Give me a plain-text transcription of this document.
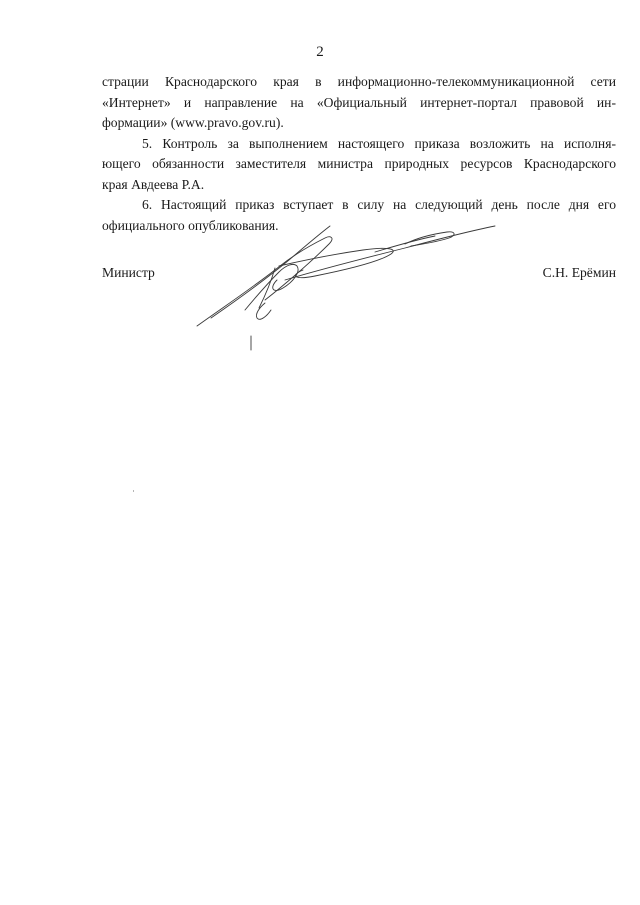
2

страции Краснодарского края в информационно-телекоммуникационной сети
«Интернет» и направление на «Официальный интернет-портал правовой ин-
формации» (www.pravo.gov.ru).

5. Контроль за выполнением настоящего приказа возложить на исполня-
ющего обязанности заместителя министра природных ресурсов Краснодарского
края Авдеева Р.А.

6. Настоящий приказ вступает в силу на следующий день после дня его
официального опубликования.

Министр	С.Н. Ерёмин
